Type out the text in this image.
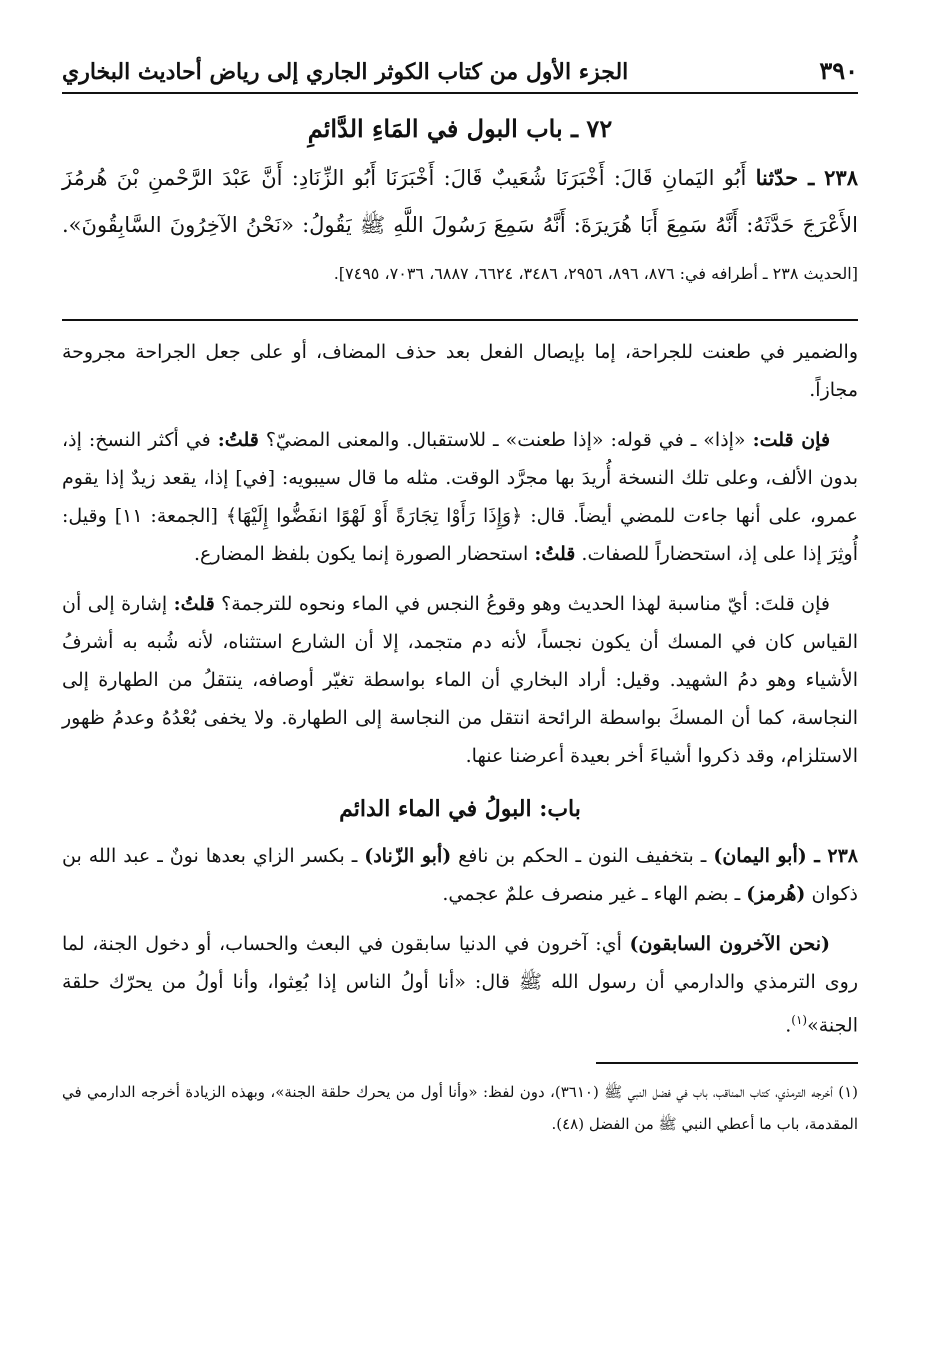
٣٩٠
الجزء الأول من كتاب الكوثر الجاري إلى رياض أحاديث البخاري
٧٢ ـ باب البول في المَاءِ الدَّائمِ
٢٣٨ ـ حدّثنا أَبُو اليَمانِ قَالَ: أَخْبَرَنَا شُعَيبٌ قَالَ: أَخْبَرَنَا أَبُو الزِّنَادِ: أَنَّ عَبْدَ الرَّحْمنِ بْنَ هُرمُزَ الأَعْرَجَ حَدَّثَهُ: أَنَّهُ سَمِعَ أَبَا هُرَيرَةَ: أَنَّهُ سَمِعَ رَسُولَ اللَّهِ ﷺ يَقُولُ: «نَحْنُ الآخِرُونَ السَّابِقُونَ». [الحديث ٢٣٨ ـ أطرافه في: ٨٧٦، ٨٩٦، ٢٩٥٦، ٣٤٨٦، ٦٦٢٤، ٦٨٨٧، ٧٠٣٦، ٧٤٩٥].

والضمير في طعنت للجراحة، إما بإيصال الفعل بعد حذف المضاف، أو على جعل الجراحة مجروحة مجازاً.

فإن قلت: «إذا» ـ في قوله: «إذا طعنت» ـ للاستقبال. والمعنى المضيّ؟ قلتُ: في أكثر النسخ: إذ، بدون الألف، وعلى تلك النسخة أُريدَ بها مجرَّد الوقت. مثله ما قال سيبويه: [في] إذا، يقعد زيدٌ إذا يقوم عمرو، على أنها جاءت للمضي أيضاً. قال: ﴿وَإِذَا رَأَوْا تِجَارَةً أَوْ لَهْوًا انفَضُّوا إِلَيْهَا﴾ [الجمعة: ١١] وقيل: أُوثِرَ إذا على إذ، استحضاراً للصفات. قلتُ: استحضار الصورة إنما يكون بلفظ المضارع.

فإن قلتَ: أيّ مناسبة لهذا الحديث وهو وقوعُ النجس في الماء ونحوه للترجمة؟ قلتُ: إشارة إلى أن القياس كان في المسك أن يكون نجساً، لأنه دم متجمد، إلا أن الشارع استثناه، لأنه شُبه به أشرفُ الأشياء وهو دمُ الشهيد. وقيل: أراد البخاري أن الماء بواسطة تغيّر أوصافه، ينتقلُ من الطهارة إلى النجاسة، كما أن المسكَ بواسطة الرائحة انتقل من النجاسة إلى الطهارة. ولا يخفى بُعْدُهُ وعدمُ ظهور الاستلزام، وقد ذكروا أشياءَ أخر بعيدة أعرضنا عنها.

باب: البولُ في الماء الدائم

٢٣٨ ـ (أبو اليمان) ـ بتخفيف النون ـ الحكم بن نافع (أبو الزّناد) ـ بكسر الزاي بعدها نونٌ ـ عبد الله بن ذكوان (هُرمز) ـ بضم الهاء ـ غير منصرف علمٌ عجمي.

(نحن الآخرون السابقون) أي: آخرون في الدنيا سابقون في البعث والحساب، أو دخول الجنة، لما روى الترمذي والدارمي أن رسول الله ﷺ قال: «أنا أولُ الناس إذا بُعِثوا، وأنا أولُ من يحرّك حلقة الجنة»$^{(١)}$.

(١) أخرجه الترمذي، كتاب المناقب، باب في فضل النبي ﷺ (٣٦١٠)، دون لفظ: «وأنا أول من يحرك حلقة الجنة»، وبهذه الزيادة أخرجه الدارمي في المقدمة، باب ما أعطي النبي ﷺ من الفضل (٤٨).
